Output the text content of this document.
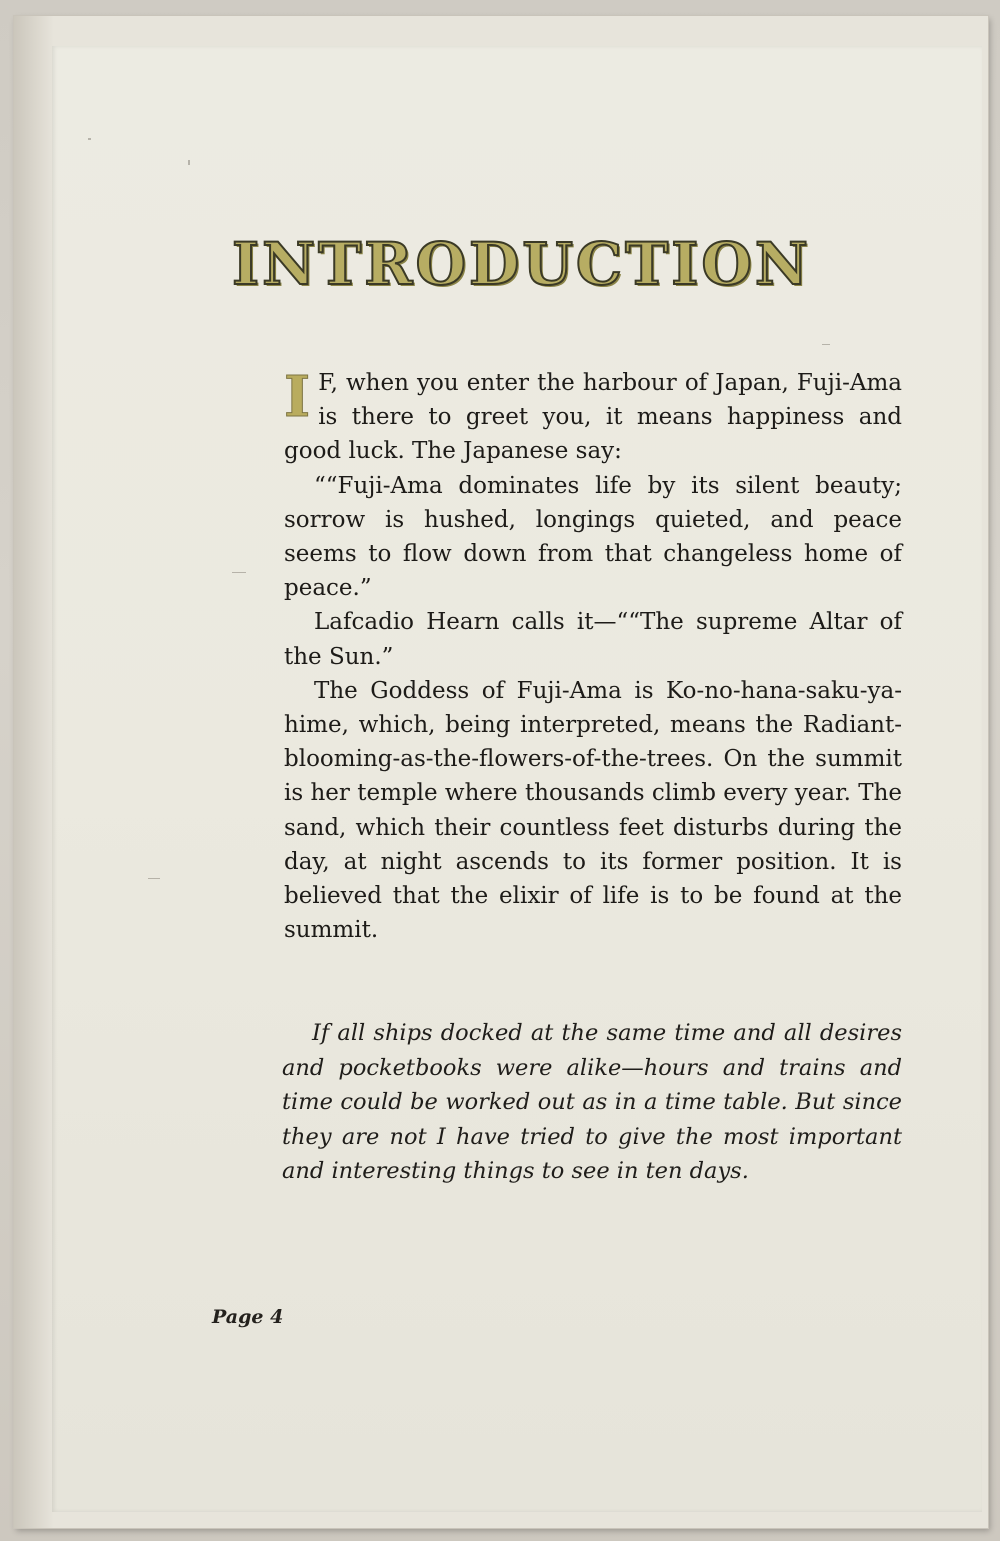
INTRODUCTION

I F, when you enter the harbour of Japan, Fuji-Ama is there to greet you, it means happiness and good luck. The Japanese say:

““Fuji-Ama dominates life by its silent beauty; sorrow is hushed, longings quieted, and peace seems to flow down from that changeless home of peace.”

Lafcadio Hearn calls it—““The supreme Altar of the Sun.”

The Goddess of Fuji-Ama is Ko-no-hana-saku-ya-hime, which, being interpreted, means the Radiant-blooming-as-the-flowers-of-the-trees. On the summit is her temple where thousands climb every year. The sand, which their countless feet disturbs during the day, at night ascends to its former position. It is believed that the elixir of life is to be found at the summit.

If all ships docked at the same time and all desires and pocketbooks were alike—hours and trains and time could be worked out as in a time table. But since they are not I have tried to give the most important and interesting things to see in ten days.

Page 4
